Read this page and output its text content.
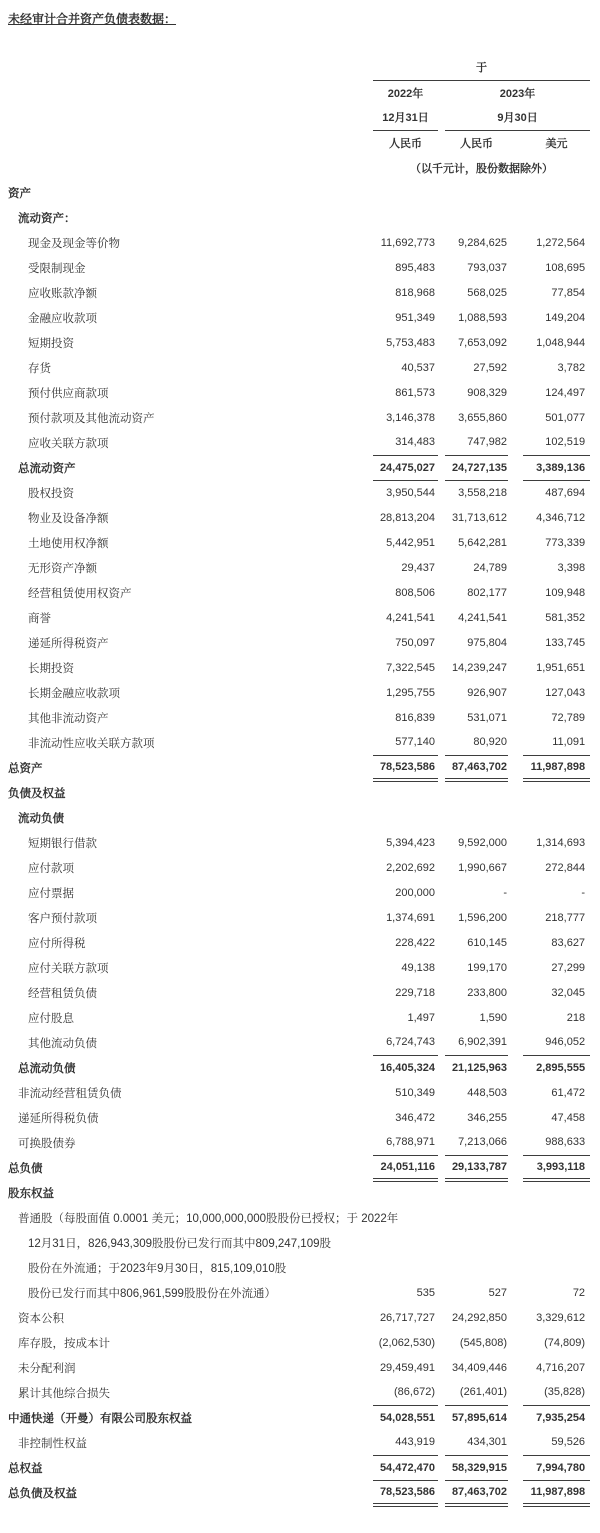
未经审计合并资产负债表数据：
	于					
	2022年		2023年			
	12月31日		9月30日			
	人民币		人民币		美元	
	（以千元计，股份数据除外）					
资产						
流动资产：						
现金及现金等价物	11,692,773		9,284,625		1,272,564	
受限制现金	895,483		793,037		108,695	
应收账款净额	818,968		568,025		77,854	
金融应收款项	951,349		1,088,593		149,204	
短期投资	5,753,483		7,653,092		1,048,944	
存货	40,537		27,592		3,782	
预付供应商款项	861,573		908,329		124,497	
预付款项及其他流动资产	3,146,378		3,655,860		501,077	
应收关联方款项	314,483		747,982		102,519	
总流动资产	24,475,027		24,727,135		3,389,136	
股权投资	3,950,544		3,558,218		487,694	
物业及设备净额	28,813,204		31,713,612		4,346,712	
土地使用权净额	5,442,951		5,642,281		773,339	
无形资产净额	29,437		24,789		3,398	
经营租赁使用权资产	808,506		802,177		109,948	
商誉	4,241,541		4,241,541		581,352	
递延所得税资产	750,097		975,804		133,745	
长期投资	7,322,545		14,239,247		1,951,651	
长期金融应收款项	1,295,755		926,907		127,043	
其他非流动资产	816,839		531,071		72,789	
非流动性应收关联方款项	577,140		80,920		11,091	
总资产	78,523,586		87,463,702		11,987,898	
负债及权益						
流动负债						
短期银行借款	5,394,423		9,592,000		1,314,693	
应付款项	2,202,692		1,990,667		272,844	
应付票据	200,000		-		-	
客户预付款项	1,374,691		1,596,200		218,777	
应付所得税	228,422		610,145		83,627	
应付关联方款项	49,138		199,170		27,299	
经营租赁负债	229,718		233,800		32,045	
应付股息	1,497		1,590		218	
其他流动负债	6,724,743		6,902,391		946,052	
总流动负债	16,405,324		21,125,963		2,895,555	
非流动经营租赁负债	510,349		448,503		61,472	
递延所得税负债	346,472		346,255		47,458	
可换股债券	6,788,971		7,213,066		988,633	
总负债	24,051,116		29,133,787		3,993,118	
股东权益						
普通股（每股面值 0.0001 美元；10,000,000,000股股份已授权；于 2022年						
12月31日，826,943,309股股份已发行而其中809,247,109股						
股份在外流通；于2023年9月30日，815,109,010股						
股份已发行而其中806,961,599股股份在外流通）	535		527		72	
资本公积	26,717,727		24,292,850		3,329,612	
库存股，按成本计	(2,062,530)		(545,808)		(74,809)	
未分配利润	29,459,491		34,409,446		4,716,207	
累计其他综合损失	(86,672)		(261,401)		(35,828)	
中通快递（开曼）有限公司股东权益	54,028,551		57,895,614		7,935,254	
非控制性权益	443,919		434,301		59,526	
总权益	54,472,470		58,329,915		7,994,780	
总负债及权益	78,523,586		87,463,702		11,987,898	
